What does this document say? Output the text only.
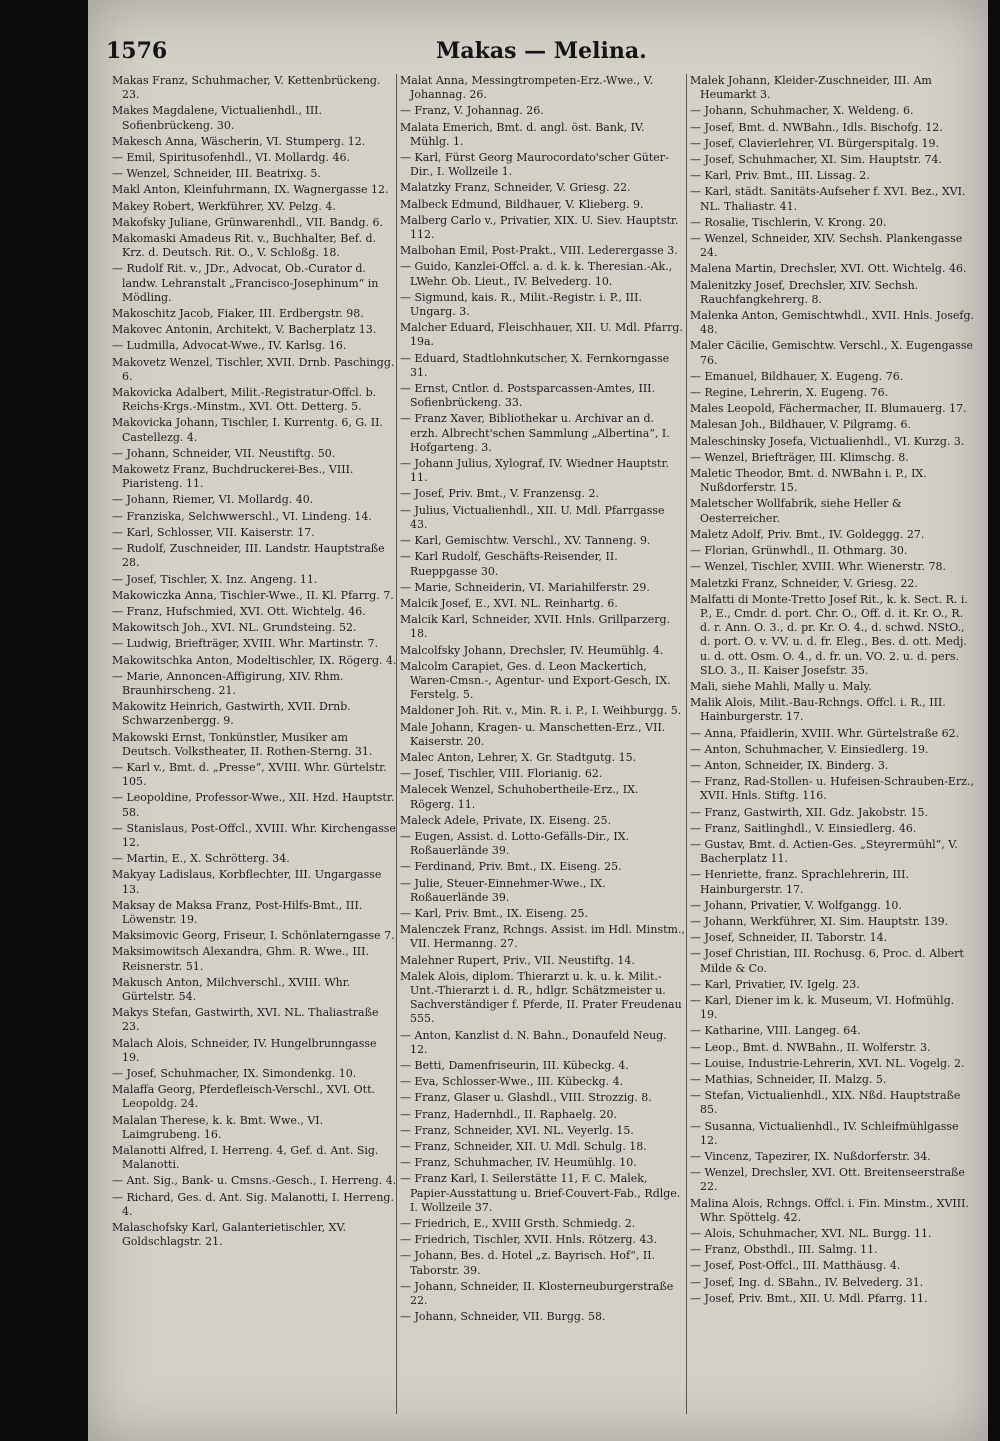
1576	Makas — Melina.
Makas Franz, Schuhmacher, V. Kettenbrückeng. 23.
Makes Magdalene, Victualienhdl., III. Sofienbrückeng. 30.
Makesch Anna, Wäscherin, VI. Stumperg. 12.
— Emil, Spiritusofenhdl., VI. Mollardg. 46.
— Wenzel, Schneider, III. Beatrixg. 5.
Makl Anton, Kleinfuhrmann, IX. Wagnergasse 12.
Makey Robert, Werkführer, XV. Pelzg. 4.
Makofsky Juliane, Grünwarenhdl., VII. Bandg. 6.
Makomaski Amadeus Rit. v., Buchhalter, Bef. d. Krz. d. Deutsch. Rit. O., V. Schloßg. 18.
— Rudolf Rit. v., JDr., Advocat, Ob.-Curator d. landw. Lehranstalt „Francisco-Josephinum“ in Mödling.
Makoschitz Jacob, Fiaker, III. Erdbergstr. 98.
Makovec Antonin, Architekt, V. Bacherplatz 13.
— Ludmilla, Advocat-Wwe., IV. Karlsg. 16.
Makovetz Wenzel, Tischler, XVII. Drnb. Paschingg. 6.
Makovicka Adalbert, Milit.-Registratur-Offcl. b. Reichs-Krgs.-Minstm., XVI. Ott. Detterg. 5.
Makovicka Johann, Tischler, I. Kurrentg. 6, G. II. Castellezg. 4.
— Johann, Schneider, VII. Neustiftg. 50.
Makowetz Franz, Buchdruckerei-Bes., VIII. Piaristeng. 11.
— Johann, Riemer, VI. Mollardg. 40.
— Franziska, Selchwwerschl., VI. Lindeng. 14.
— Karl, Schlosser, VII. Kaiserstr. 17.
— Rudolf, Zuschneider, III. Landstr. Hauptstraße 28.
— Josef, Tischler, X. Inz. Angeng. 11.
Makowiczka Anna, Tischler-Wwe., II. Kl. Pfarrg. 7.
— Franz, Hufschmied, XVI. Ott. Wichtelg. 46.
Makowitsch Joh., XVI. NL. Grundsteing. 52.
— Ludwig, Briefträger, XVIII. Whr. Martinstr. 7.
Makowitschka Anton, Modeltischler, IX. Rögerg. 4.
— Marie, Annoncen-Affigirung, XIV. Rhm. Braunhirscheng. 21.
Makowitz Heinrich, Gastwirth, XVII. Drnb. Schwarzenbergg. 9.
Makowski Ernst, Tonkünstler, Musiker am Deutsch. Volkstheater, II. Rothen-Sterng. 31.
— Karl v., Bmt. d. „Presse“, XVIII. Whr. Gürtelstr. 105.
— Leopoldine, Professor-Wwe., XII. Hzd. Hauptstr. 58.
— Stanislaus, Post-Offcl., XVIII. Whr. Kirchengasse 12.
— Martin, E., X. Schrötterg. 34.
Makyay Ladislaus, Korbflechter, III. Ungargasse 13.
Maksay de Maksa Franz, Post-Hilfs-Bmt., III. Löwenstr. 19.
Maksimovic Georg, Friseur, I. Schönlaterngasse 7.
Maksimowitsch Alexandra, Ghm. R. Wwe., III. Reisnerstr. 51.
Makusch Anton, Milchverschl., XVIII. Whr. Gürtelstr. 54.
Makys Stefan, Gastwirth, XVI. NL. Thaliastraße 23.
Malach Alois, Schneider, IV. Hungelbrunngasse 19.
— Josef, Schuhmacher, IX. Simondenkg. 10.
Malaffa Georg, Pferdefleisch-Verschl., XVI. Ott. Leopoldg. 24.
Malalan Therese, k. k. Bmt. Wwe., VI. Laimgrubeng. 16.
Malanotti Alfred, I. Herreng. 4, Gef. d. Ant. Sig. Malanotti.
— Ant. Sig., Bank- u. Cmsns.-Gesch., I. Herreng. 4.
— Richard, Ges. d. Ant. Sig. Malanotti, I. Herreng. 4.
Malaschofsky Karl, Galanterietischler, XV. Goldschlagstr. 21.
Malat Anna, Messingtrompeten-Erz.-Wwe., V. Johannag. 26.
— Franz, V. Johannag. 26.
Malata Emerich, Bmt. d. angl. öst. Bank, IV. Mühlg. 1.
— Karl, Fürst Georg Maurocordato'scher Güter-Dir., I. Wollzeile 1.
Malatzky Franz, Schneider, V. Griesg. 22.
Malbeck Edmund, Bildhauer, V. Klieberg. 9.
Malberg Carlo v., Privatier, XIX. U. Siev. Hauptstr. 112.
Malbohan Emil, Post-Prakt., VIII. Lederergasse 3.
— Guido, Kanzlei-Offcl. a. d. k. k. Theresian.-Ak., LWehr. Ob. Lieut., IV. Belvederg. 10.
— Sigmund, kais. R., Milit.-Registr. i. P., III. Ungarg. 3.
Malcher Eduard, Fleischhauer, XII. U. Mdl. Pfarrg. 19a.
— Eduard, Stadtlohnkutscher, X. Fernkorngasse 31.
— Ernst, Cntlor. d. Postsparcassen-Amtes, III. Sofienbrückeng. 33.
— Franz Xaver, Bibliothekar u. Archivar an d. erzh. Albrecht'schen Sammlung „Albertina“, I. Hofgarteng. 3.
— Johann Julius, Xylograf, IV. Wiedner Hauptstr. 11.
— Josef, Priv. Bmt., V. Franzensg. 2.
— Julius, Victualienhdl., XII. U. Mdl. Pfarrgasse 43.
— Karl, Gemischtw. Verschl., XV. Tanneng. 9.
— Karl Rudolf, Geschäfts-Reisender, II. Rueppgasse 30.
— Marie, Schneiderin, VI. Mariahilferstr. 29.
Malcik Josef, E., XVI. NL. Reinhartg. 6.
Malcik Karl, Schneider, XVII. Hnls. Grillparzerg. 18.
Malcolfsky Johann, Drechsler, IV. Heumühlg. 4.
Malcolm Carapiet, Ges. d. Leon Mackertich, Waren-Cmsn.-, Agentur- und Export-Gesch, IX. Ferstelg. 5.
Maldoner Joh. Rit. v., Min. R. i. P., I. Weihburgg. 5.
Male Johann, Kragen- u. Manschetten-Erz., VII. Kaiserstr. 20.
Malec Anton, Lehrer, X. Gr. Stadtgutg. 15.
— Josef, Tischler, VIII. Florianig. 62.
Malecek Wenzel, Schuhobertheile-Erz., IX. Rögerg. 11.
Maleck Adele, Private, IX. Eiseng. 25.
— Eugen, Assist. d. Lotto-Gefälls-Dir., IX. Roßauerlände 39.
— Ferdinand, Priv. Bmt., IX. Eiseng. 25.
— Julie, Steuer-Einnehmer-Wwe., IX. Roßauerlände 39.
— Karl, Priv. Bmt., IX. Eiseng. 25.
Malenczek Franz, Rchngs. Assist. im Hdl. Minstm., VII. Hermanng. 27.
Malehner Rupert, Priv., VII. Neustiftg. 14.
Malek Alois, diplom. Thierarzt u. k. u. k. Milit.-Unt.-Thierarzt i. d. R., hdlgr. Schätzmeister u. Sachverständiger f. Pferde, II. Prater Freudenau 555.
— Anton, Kanzlist d. N. Bahn., Donaufeld Neug. 12.
— Betti, Damenfriseurin, III. Kübeckg. 4.
— Eva, Schlosser-Wwe., III. Kübeckg. 4.
— Franz, Glaser u. Glashdl., VIII. Strozzig. 8.
— Franz, Hadernhdl., II. Raphaelg. 20.
— Franz, Schneider, XVI. NL. Veyerlg. 15.
— Franz, Schneider, XII. U. Mdl. Schulg. 18.
— Franz, Schuhmacher, IV. Heumühlg. 10.
— Franz Karl, I. Seilerstätte 11, F. C. Malek, Papier-Ausstattung u. Brief-Couvert-Fab., Rdlge. I. Wollzeile 37.
— Friedrich, E., XVIII Grsth. Schmiedg. 2.
— Friedrich, Tischler, XVII. Hnls. Rötzerg. 43.
— Johann, Bes. d. Hotel „z. Bayrisch. Hof“, II. Taborstr. 39.
— Johann, Schneider, II. Klosterneuburgerstraße 22.
— Johann, Schneider, VII. Burgg. 58.
Malek Johann, Kleider-Zuschneider, III. Am Heumarkt 3.
— Johann, Schuhmacher, X. Weldeng. 6.
— Josef, Bmt. d. NWBahn., Idls. Bischofg. 12.
— Josef, Clavierlehrer, VI. Bürgerspitalg. 19.
— Josef, Schuhmacher, XI. Sim. Hauptstr. 74.
— Karl, Priv. Bmt., III. Lissag. 2.
— Karl, städt. Sanitäts-Aufseher f. XVI. Bez., XVI. NL. Thaliastr. 41.
— Rosalie, Tischlerin, V. Krong. 20.
— Wenzel, Schneider, XIV. Sechsh. Plankengasse 24.
Malena Martin, Drechsler, XVI. Ott. Wichtelg. 46.
Malenitzky Josef, Drechsler, XIV. Sechsh. Rauchfangkehrerg. 8.
Malenka Anton, Gemischtwhdl., XVII. Hnls. Josefg. 48.
Maler Cäcilie, Gemischtw. Verschl., X. Eugengasse 76.
— Emanuel, Bildhauer, X. Eugeng. 76.
— Regine, Lehrerin, X. Eugeng. 76.
Males Leopold, Fächermacher, II. Blumauerg. 17.
Malesan Joh., Bildhauer, V. Pilgramg. 6.
Maleschinsky Josefa, Victualienhdl., VI. Kurzg. 3.
— Wenzel, Briefträger, III. Klimschg. 8.
Maletic Theodor, Bmt. d. NWBahn i. P., IX. Nußdorferstr. 15.
Maletscher Wollfabrik, siehe Heller & Oesterreicher.
Maletz Adolf, Priv. Bmt., IV. Goldeggg. 27.
— Florian, Grünwhdl., II. Othmarg. 30.
— Wenzel, Tischler, XVIII. Whr. Wienerstr. 78.
Maletzki Franz, Schneider, V. Griesg. 22.
Malfatti di Monte-Tretto Josef Rit., k. k. Sect. R. i. P., E., Cmdr. d. port. Chr. O., Off. d. it. Kr. O., R. d. r. Ann. O. 3., d. pr. Kr. O. 4., d. schwd. NStO., d. port. O. v. VV. u. d. fr. Eleg., Bes. d. ott. Medj. u. d. ott. Osm. O. 4., d. fr. un. VO. 2. u. d. pers. SLO. 3., II. Kaiser Josefstr. 35.
Mali, siehe Mahli, Mally u. Maly.
Malik Alois, Milit.-Bau-Rchngs. Offcl. i. R., III. Hainburgerstr. 17.
— Anna, Pfaidlerin, XVIII. Whr. Gürtelstraße 62.
— Anton, Schuhmacher, V. Einsiedlerg. 19.
— Anton, Schneider, IX. Binderg. 3.
— Franz, Rad-Stollen- u. Hufeisen-Schrauben-Erz., XVII. Hnls. Stiftg. 116.
— Franz, Gastwirth, XII. Gdz. Jakobstr. 15.
— Franz, Saitlinghdl., V. Einsiedlerg. 46.
— Gustav, Bmt. d. Actien-Ges. „Steyrermühl“, V. Bacherplatz 11.
— Henriette, franz. Sprachlehrerin, III. Hainburgerstr. 17.
— Johann, Privatier, V. Wolfgangg. 10.
— Johann, Werkführer, XI. Sim. Hauptstr. 139.
— Josef, Schneider, II. Taborstr. 14.
— Josef Christian, III. Rochusg. 6, Proc. d. Albert Milde & Co.
— Karl, Privatier, IV. Igelg. 23.
— Karl, Diener im k. k. Museum, VI. Hofmühlg. 19.
— Katharine, VIII. Langeg. 64.
— Leop., Bmt. d. NWBahn., II. Wolferstr. 3.
— Louise, Industrie-Lehrerin, XVI. NL. Vogelg. 2.
— Mathias, Schneider, II. Malzg. 5.
— Stefan, Victualienhdl., XIX. Nßd. Hauptstraße 85.
— Susanna, Victualienhdl., IV. Schleifmühlgasse 12.
— Vincenz, Tapezirer, IX. Nußdorferstr. 34.
— Wenzel, Drechsler, XVI. Ott. Breitenseerstraße 22.
Malina Alois, Rchngs. Offcl. i. Fin. Minstm., XVIII. Whr. Spöttelg. 42.
— Alois, Schuhmacher, XVI. NL. Burgg. 11.
— Franz, Obsthdl., III. Salmg. 11.
— Josef, Post-Offcl., III. Matthäusg. 4.
— Josef, Ing. d. SBahn., IV. Belvederg. 31.
— Josef, Priv. Bmt., XII. U. Mdl. Pfarrg. 11.
